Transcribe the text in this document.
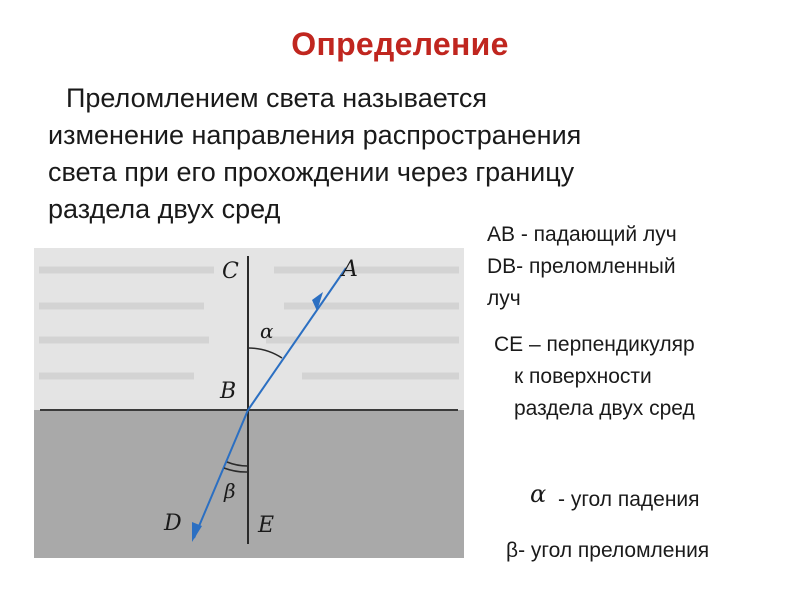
Определение
Преломлением света называется
изменение направления распространения
света при его прохождении через границу
раздела двух сред
C	A
α
B
β
D	E
AB - падающий луч
DB- преломленный
луч
CE – перпендикуляр
к поверхности
раздела двух сред
α - угол падения
β- угол преломления
